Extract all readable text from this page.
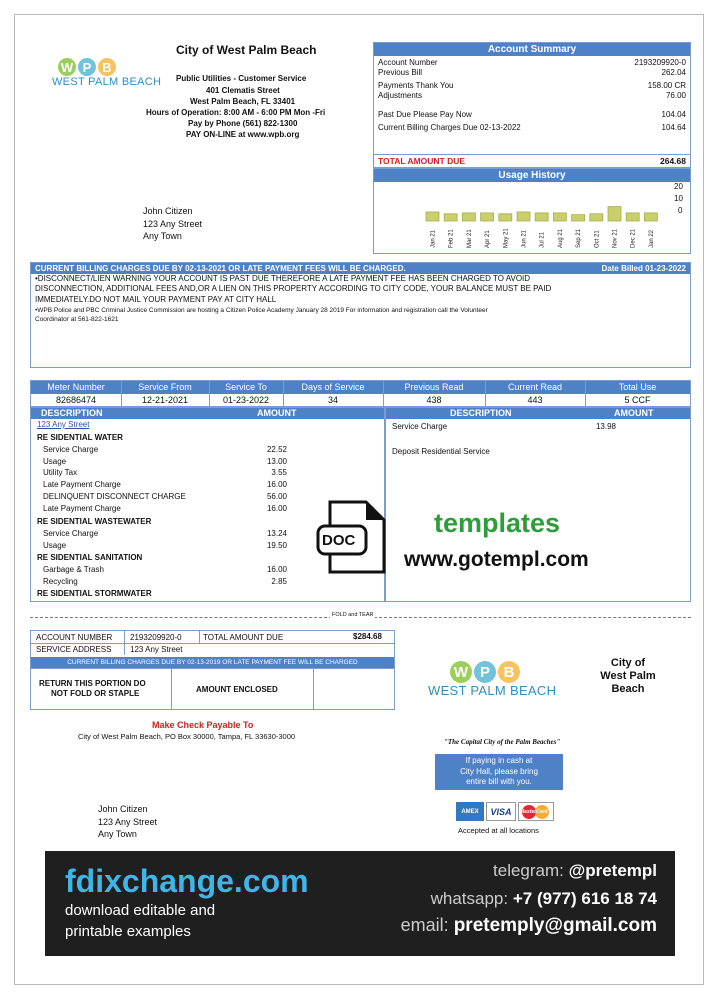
W P B
WEST PALM BEACH
City of West Palm Beach
Public Utilities - Customer Service
401 Clematis Street
West Palm Beach, FL 33401
Hours of Operation: 8:00 AM - 6:00 PM Mon -Fri
Pay by Phone (561) 822-1300
PAY ON-LINE at www.wpb.org
John Citizen
123 Any Street
Any Town
Account Summary
Account Number	2193209920-0
Previous Bill	262.04
Payments Thank You	158.00 CR
Adjustments	76.00
Past Due Please Pay Now	104.04
Current Billing Charges Due 02-13-2022	104.64
TOTAL AMOUNT DUE	264.68
Usage History
Jan 21 Feb 21 Mar 21 Apr 21 May 21 Jun 21 Jul 21 Aug 21 Sep 21 Oct 21 Nov 21 Dec 21 Jan 22
20
10
0
CURRENT BILLING CHARGES DUE BY 02-13-2021 OR LATE PAYMENT FEES WILL BE CHARGED.	Date Billed 01-23-2022
•DISCONNECT/LIEN WARNING YOUR ACCOUNT IS PAST DUE THEREFORE A LATE PAYMENT FEE HAS BEEN CHARGED TO AVOID
DISCONNECTION, ADDITIONAL FEES AND,OR A LIEN ON THIS PROPERTY ACCORDING TO CITY CODE, YOUR BALANCE MUST BE PAID
IMMEDIATELY.DO NOT MAIL YOUR PAYMENT PAY AT CITY HALL
•WPB Police and PBC Criminal Justice Commission are hosting a Citizen Police Academy January 28 2019 For information and registration call the Volunteer
Coordinator at 561-822-1621
Meter Number	Service From	Service To	Days of Service	Previous Read	Current Read	Total Use
82686474	12-21-2021	01-23-2022	34	438	443	5 CCF
DESCRIPTION	AMOUNT
123 Any Street
RE SIDENTIAL WATER
Service Charge	22.52
Usage	13.00
Utility Tax	3.55
Late Payment Charge	16.00
DELINQUENT DISCONNECT CHARGE	56.00
Late Payment Charge	16.00
RE SIDENTIAL WASTEWATER
Service Charge	13.24
Usage	19.50
RE SIDENTIAL SANITATION
Garbage & Trash	16.00
Recycling	2.85
RE SIDENTIAL STORMWATER
DESCRIPTION	AMOUNT
Service Charge	13.98
Deposit Residential Service
DOC
templates
www.gotempl.com
FOLD and TEAR
ACCOUNT NUMBER 2193209920-0	TOTAL AMOUNT DUE	$284.68
SERVICE ADDRESS 123 Any Street
CURRENT BILLING CHARGES DUE BY 02-13-2019 OR LATE PAYMENT FEE WILL BE CHARGED
RETURN THIS PORTION DO
NOT FOLD OR STAPLE	AMOUNT ENCLOSED
W P B
WEST PALM BEACH
City of
West Palm
Beach
Make Check Payable To
City of West Palm Beach, PO Box 30000, Tampa, FL 33630-3000
"The Capital City of the Palm Beaches"
If paying in cash at
City Hall, please bring
entire bill with you.
AMEX	VISA	MasterCard
Accepted at all locations
John Citizen
123 Any Street
Any Town
fdixchange.com
download editable and
printable examples
telegram: @pretempl
whatsapp: +7 (977) 616 18 74
email: pretemply@gmail.com
